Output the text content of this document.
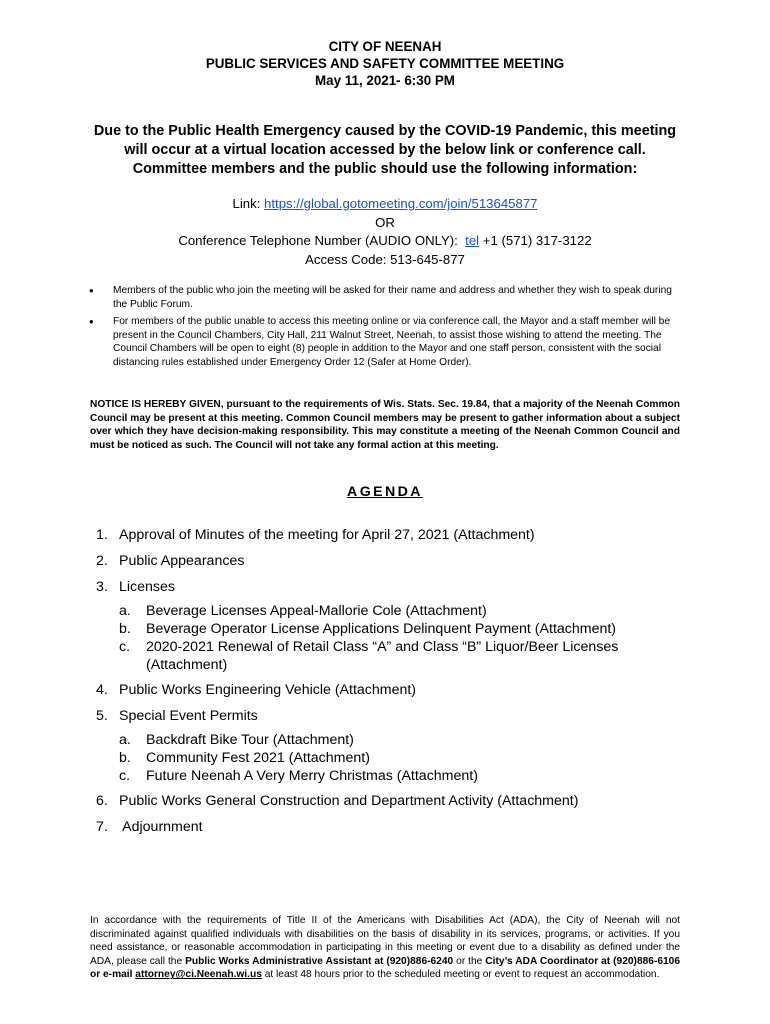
CITY OF NEENAH
PUBLIC SERVICES AND SAFETY COMMITTEE MEETING
May 11, 2021- 6:30 PM
Due to the Public Health Emergency caused by the COVID-19 Pandemic, this meeting will occur at a virtual location accessed by the below link or conference call. Committee members and the public should use the following information:
Link: https://global.gotomeeting.com/join/513645877
OR
Conference Telephone Number (AUDIO ONLY): tel +1 (571) 317-3122
Access Code: 513-645-877
• Members of the public who join the meeting will be asked for their name and address and whether they wish to speak during the Public Forum.
• For members of the public unable to access this meeting online or via conference call, the Mayor and a staff member will be present in the Council Chambers, City Hall, 211 Walnut Street, Neenah, to assist those wishing to attend the meeting. The Council Chambers will be open to eight (8) people in addition to the Mayor and one staff person, consistent with the social distancing rules established under Emergency Order 12 (Safer at Home Order).
NOTICE IS HEREBY GIVEN, pursuant to the requirements of Wis. Stats. Sec. 19.84, that a majority of the Neenah Common Council may be present at this meeting. Common Council members may be present to gather information about a subject over which they have decision-making responsibility. This may constitute a meeting of the Neenah Common Council and must be noticed as such. The Council will not take any formal action at this meeting.
AGENDA
1. Approval of Minutes of the meeting for April 27, 2021 (Attachment)
2. Public Appearances
3. Licenses
a. Beverage Licenses Appeal-Mallorie Cole (Attachment)
b. Beverage Operator License Applications Delinquent Payment (Attachment)
c. 2020-2021 Renewal of Retail Class “A” and Class “B” Liquor/Beer Licenses (Attachment)
4. Public Works Engineering Vehicle (Attachment)
5. Special Event Permits
a. Backdraft Bike Tour (Attachment)
b. Community Fest 2021 (Attachment)
c. Future Neenah A Very Merry Christmas (Attachment)
6. Public Works General Construction and Department Activity (Attachment)
7. Adjournment
In accordance with the requirements of Title II of the Americans with Disabilities Act (ADA), the City of Neenah will not discriminated against qualified individuals with disabilities on the basis of disability in its services, programs, or activities. If you need assistance, or reasonable accommodation in participating in this meeting or event due to a disability as defined under the ADA, please call the Public Works Administrative Assistant at (920)886-6240 or the City’s ADA Coordinator at (920)886-6106 or e-mail attorney@ci.Neenah.wi.us at least 48 hours prior to the scheduled meeting or event to request an accommodation.
